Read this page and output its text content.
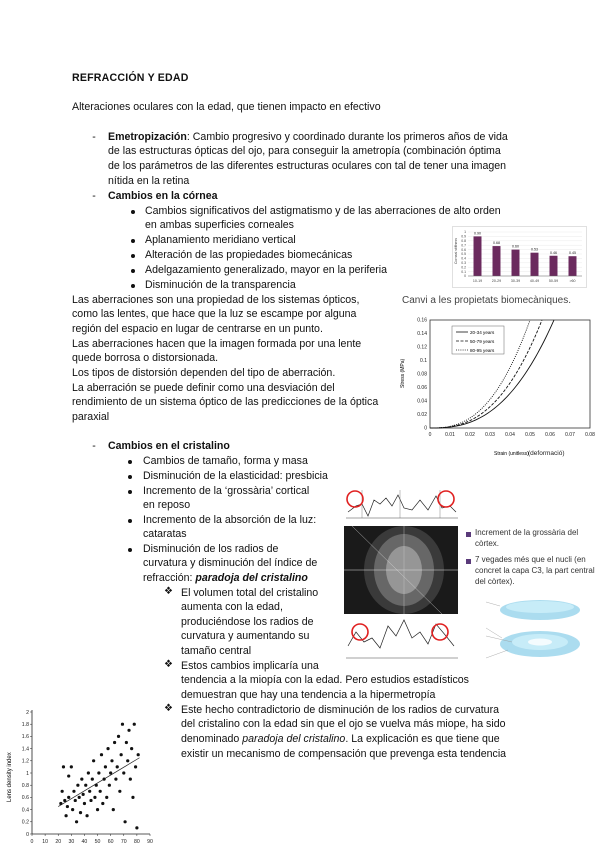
REFRACCIÓN Y EDAD
Alteraciones oculares con la edad, que tienen impacto en efectivo
- Emetropización: Cambio progresivo y coordinado durante los primeros años de vida
de las estructuras ópticas del ojo, para conseguir la ametropía (combinación óptima
de los parámetros de las diferentes estructuras oculares con tal de tener una imagen
nítida en la retina
- Cambios en la córnea
Cambios significativos del astigmatismo y de las aberraciones de alto orden
en ambas superficies corneales
Aplanamiento meridiano vertical
Alteración de las propiedades biomecánicas
Adelgazamiento generalizado, mayor en la periferia
Disminución de la transparencia
Las aberraciones son una propiedad de los sistemas ópticos,
como las lentes, que hace que la luz se escampe por alguna
región del espacio en lugar de centrarse en un punto.
Las aberraciones hacen que la imagen formada por una lente
quede borrosa o distorsionada.
Los tipos de distorsión dependen del tipo de aberración.
La aberración se puede definir como una desviación del
rendimiento de un sistema óptico de las predicciones de la óptica
paraxial
- Cambios en el cristalino
Cambios de tamaño, forma y masa
Disminución de la elasticidad: presbicia
Incremento de la ‘grossària’ cortical
en reposo
Incremento de la absorción de la luz:
cataratas
Disminución de los radios de
curvatura y disminución del índice de
refracción: paradoja del cristalino
❖ El volumen total del cristalino
aumenta con la edad,
produciéndose los radios de
curvatura y aumentando su
tamaño central
❖ Estos cambios implicaría una
tendencia a la miopía con la edad. Pero estudios estadísticos
demuestran que hay una tendencia a la hipermetropía
❖ Este hecho contradictorio de disminución de los radios de curvatura
del cristalino con la edad sin que el ojo se vuelva más miope, ha sido
denominado paradoja del cristalino. La explicación es que tiene que
existir un mecanismo de compensación que prevenga esta tendencia
0
0.1
0.2
0.3
0.4
0.5
0.6
0.7
0.8
0.9
1 0.90
0.68
0.60
0.53
0.46	0.45
10-19	20-29	30-39	40-49	50-59	>60
Corneal stiffness
Canvi a les propietats biomecàniques.
0
0.02
0.04
0.06
0.08
0.1
0.12
0.14
0.16
0	0.01 0.02 0.03 0.04 0.05 0.06 0.07 0.08
20-34 years
50-79 years
80-95 years
Stress (MPa)
Strain (unitless) (deformació)
Increment de la grossària del
còrtex.
7 vegades més que el nucli (en
concret la capa C3, la part central
del còrtex).
0
0.2
0.4
0.6
0.8
1
1.2
1.4
1.6
1.8
2
0 10 20 30 40 50 60 70 80 90
Lens density index
